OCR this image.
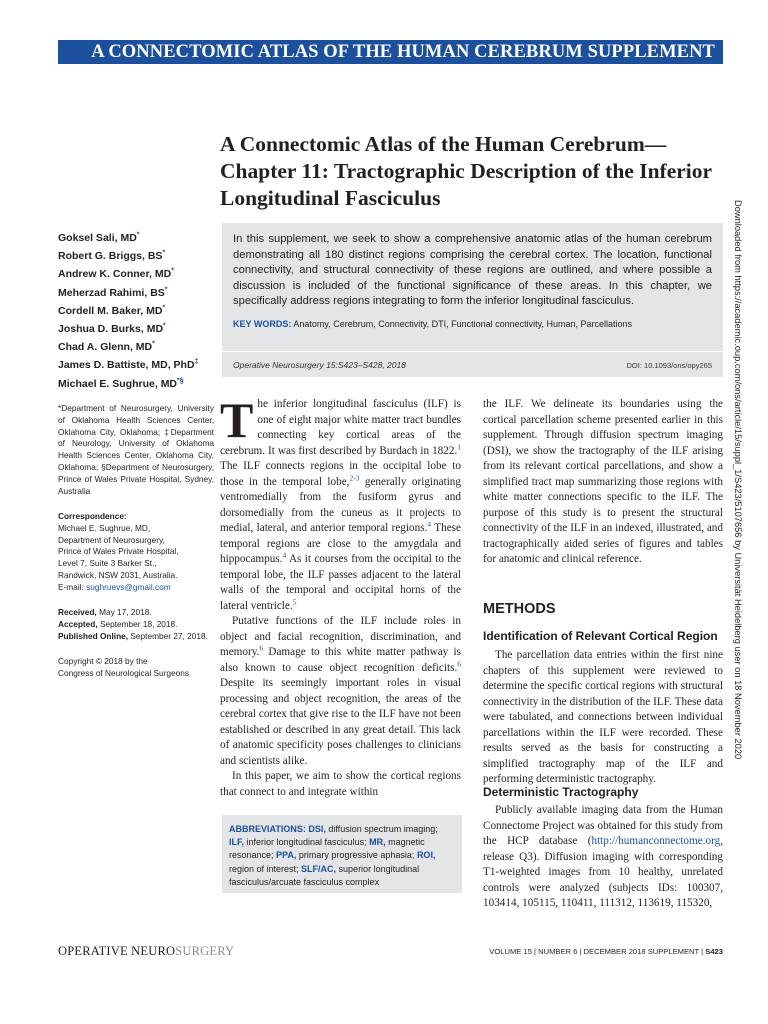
A CONNECTOMIC ATLAS OF THE HUMAN CEREBRUM SUPPLEMENT
A Connectomic Atlas of the Human Cerebrum—Chapter 11: Tractographic Description of the Inferior Longitudinal Fasciculus
Goksel Sali, MD*
Robert G. Briggs, BS*
Andrew K. Conner, MD*
Meherzad Rahimi, BS*
Cordell M. Baker, MD*
Joshua D. Burks, MD*
Chad A. Glenn, MD*
James D. Battiste, MD, PhD‡
Michael E. Sughrue, MD*§
In this supplement, we seek to show a comprehensive anatomic atlas of the human cerebrum demonstrating all 180 distinct regions comprising the cerebral cortex. The location, functional connectivity, and structural connectivity of these regions are outlined, and where possible a discussion is included of the functional significance of these areas. In this chapter, we specifically address regions integrating to form the inferior longitudinal fasciculus.
KEY WORDS: Anatomy, Cerebrum, Connectivity, DTI, Functional connectivity, Human, Parcellations
Operative Neurosurgery 15:S423–S428, 2018	DOI: 10.1093/ons/opy265
*Department of Neurosurgery, University of Oklahoma Health Sciences Center, Oklahoma City, Oklahoma; ‡Department of Neurology, University of Oklahoma Health Sciences Center, Oklahoma City, Oklahoma; §Department of Neurosurgery, Prince of Wales Private Hospital, Sydney, Australia
Correspondence:
Michael E. Sughrue, MD,
Department of Neurosurgery,
Prince of Wales Private Hospital,
Level 7, Suite 3 Barker St.,
Randwick, NSW 2031, Australia.
E-mail: sughruevs@gmail.com
Received, May 17, 2018.
Accepted, September 18, 2018.
Published Online, September 27, 2018.
Copyright © 2018 by the
Congress of Neurological Surgeons

The inferior longitudinal fasciculus (ILF) is one of eight major white matter tract bundles connecting key cortical areas of the cerebrum. It was first described by Burdach in 1822.$^1$ The ILF connects regions in the occipital lobe to those in the temporal lobe,$^{2-3}$ generally originating ventromedially from the fusiform gyrus and dorsomedially from the cuneus as it projects to medial, lateral, and anterior temporal regions.$^4$ These temporal regions are close to the amygdala and hippocampus.$^4$ As it courses from the occipital to the temporal lobe, the ILF passes adjacent to the lateral walls of the temporal and occipital horns of the lateral ventricle.$^5$

Putative functions of the ILF include roles in object and facial recognition, discrimination, and memory.$^6$ Damage to this white matter pathway is also known to cause object recognition deficits.$^6$ Despite its seemingly important roles in visual processing and object recognition, the areas of the cerebral cortex that give rise to the ILF have not been established or described in any great detail. This lack of anatomic specificity poses challenges to clinicians and scientists alike.

In this paper, we aim to show the cortical regions that connect to and integrate within

the ILF. We delineate its boundaries using the cortical parcellation scheme presented earlier in this supplement. Through diffusion spectrum imaging (DSI), we show the tractography of the ILF arising from its relevant cortical parcellations, and show a simplified tract map summarizing those regions with white matter connections specific to the ILF. The purpose of this study is to present the structural connectivity of the ILF in an indexed, illustrated, and tractographically aided series of figures and tables for anatomic and clinical reference.

METHODS
Identification of Relevant Cortical Region

The parcellation data entries within the first nine chapters of this supplement were reviewed to determine the specific cortical regions with structural connectivity in the distribution of the ILF. These data were tabulated, and connections between individual parcellations within the ILF were recorded. These results served as the basis for constructing a simplified tractography map of the ILF and performing deterministic tractography.

Deterministic Tractography

Publicly available imaging data from the Human Connectome Project was obtained for this study from the HCP database (http://humanconnectome.org, release Q3). Diffusion imaging with corresponding T1-weighted images from 10 healthy, unrelated controls were analyzed (subjects IDs: 100307, 103414, 105115, 110411, 111312, 113619, 115320,

ABBREVIATIONS: DSI, diffusion spectrum imaging; ILF, inferior longitudinal fasciculus; MR, magnetic resonance; PPA, primary progressive aphasia; ROI, region of interest; SLF/AC, superior longitudinal fasciculus/arcuate fasciculus complex
OPERATIVE NEUROSURGERY	VOLUME 15 | NUMBER 6 | DECEMBER 2018 SUPPLEMENT | S423
Downloaded from https://academic.oup.com/ons/article/15/suppl_1/S423/5107656 by Universität Heidelberg user on 18 November 2020
